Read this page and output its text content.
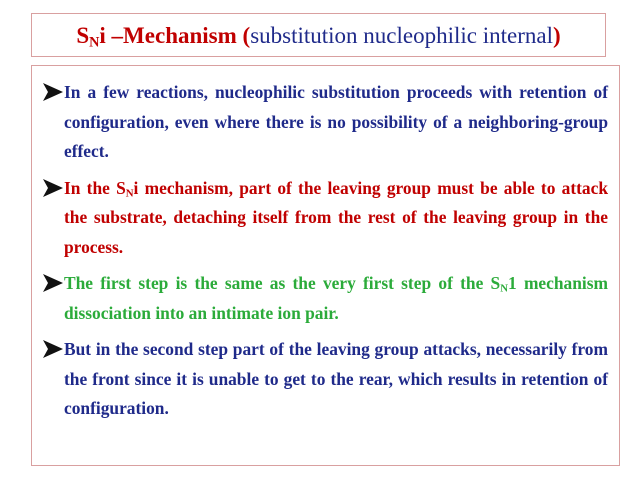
$S_Ni$ –Mechanism (substitution nucleophilic internal)

In a few reactions, nucleophilic substitution proceeds with retention of configuration, even where there is no possibility of a neighboring-group effect.

In the $S_Ni$ mechanism, part of the leaving group must be able to attack the substrate, detaching itself from the rest of the leaving group in the process.

The first step is the same as the very first step of the $S_N1$ mechanism dissociation into an intimate ion pair.

But in the second step part of the leaving group attacks, necessarily from the front since it is unable to get to the rear, which results in retention of configuration.
